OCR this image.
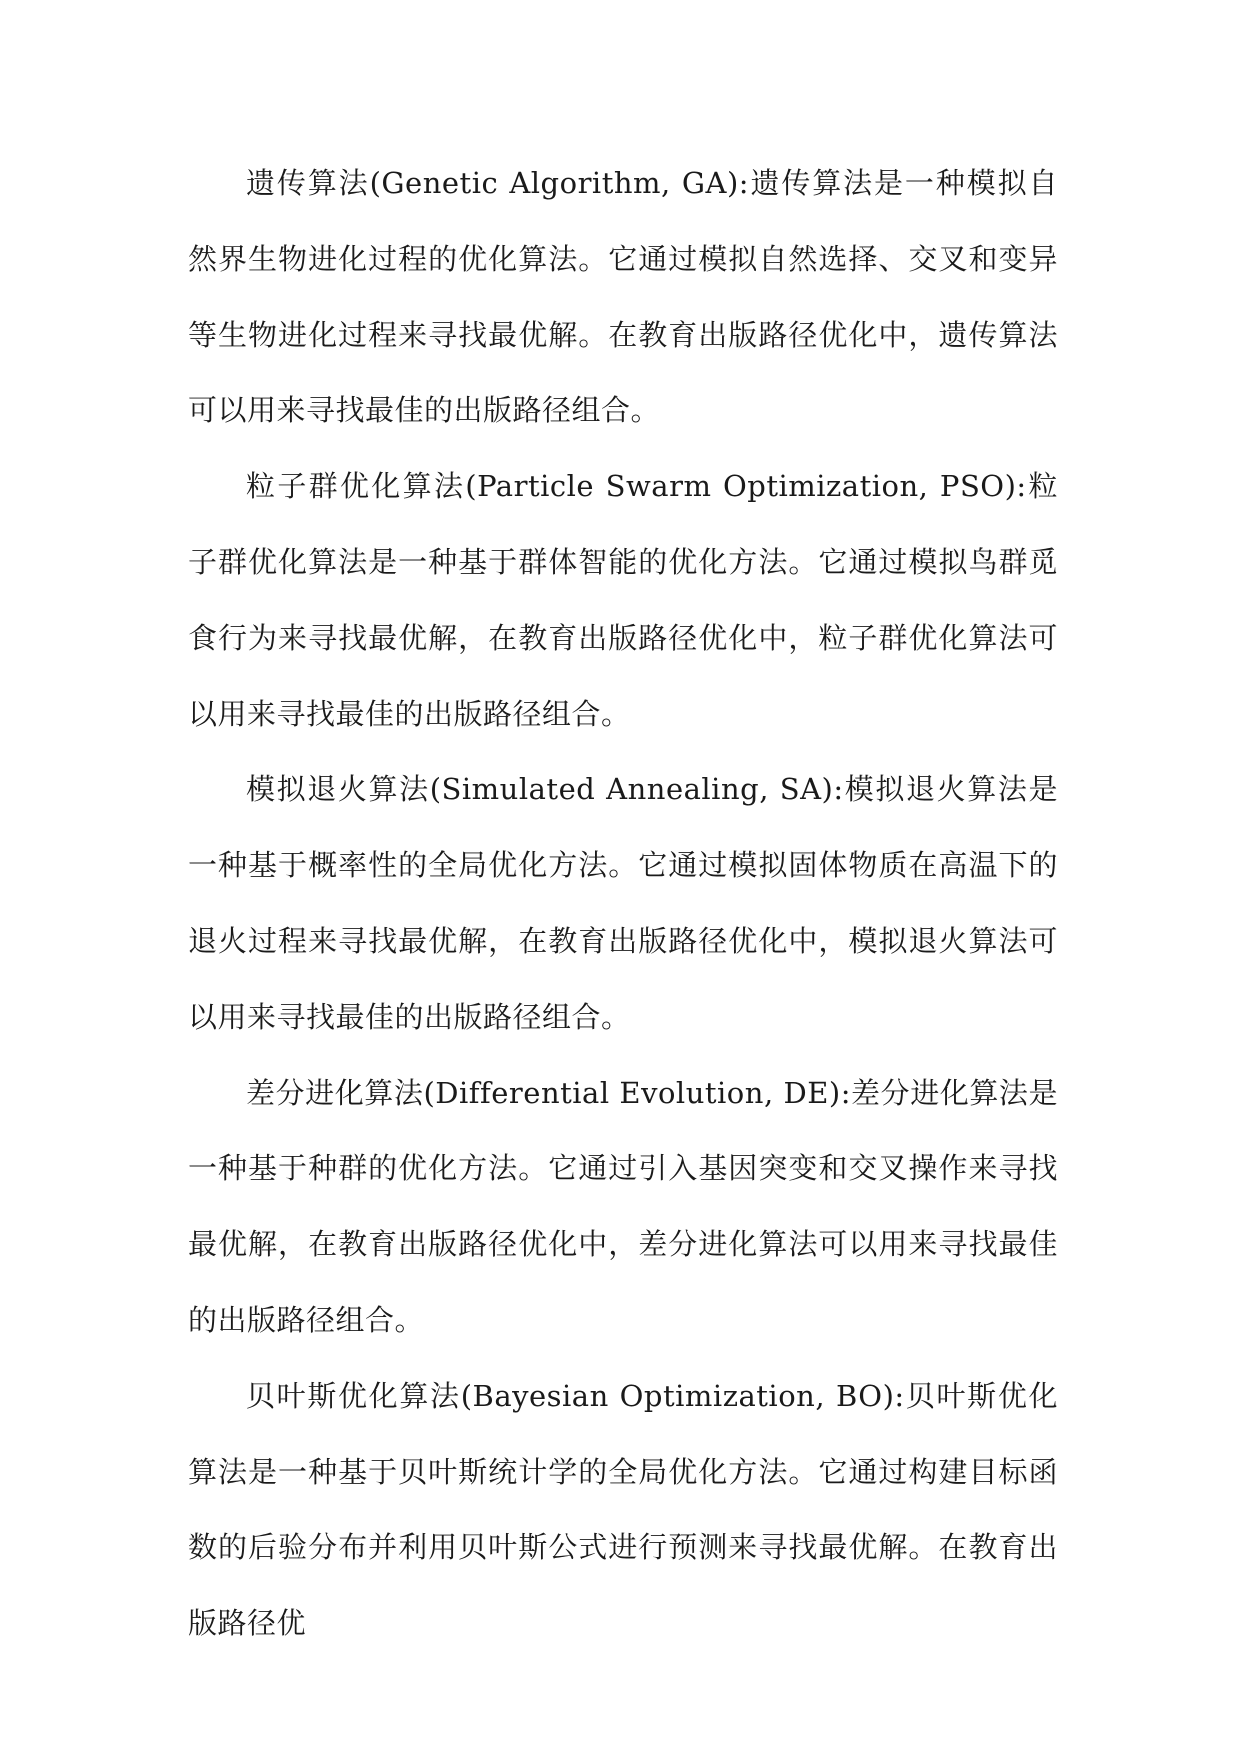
遗传算法(Genetic Algorithm, GA):遗传算法是一种模拟自然界生物进化过程的优化算法。它通过模拟自然选择、交叉和变异等生物进化过程来寻找最优解。在教育出版路径优化中，遗传算法可以用来寻找最佳的出版路径组合。

粒子群优化算法(Particle Swarm Optimization, PSO):粒子群优化算法是一种基于群体智能的优化方法。它通过模拟鸟群觅食行为来寻找最优解，在教育出版路径优化中，粒子群优化算法可以用来寻找最佳的出版路径组合。

模拟退火算法(Simulated Annealing, SA):模拟退火算法是一种基于概率性的全局优化方法。它通过模拟固体物质在高温下的退火过程来寻找最优解，在教育出版路径优化中，模拟退火算法可以用来寻找最佳的出版路径组合。

差分进化算法(Differential Evolution, DE):差分进化算法是一种基于种群的优化方法。它通过引入基因突变和交叉操作来寻找最优解，在教育出版路径优化中，差分进化算法可以用来寻找最佳的出版路径组合。

贝叶斯优化算法(Bayesian Optimization, BO):贝叶斯优化算法是一种基于贝叶斯统计学的全局优化方法。它通过构建目标函数的后验分布并利用贝叶斯公式进行预测来寻找最优解。在教育出版路径优
